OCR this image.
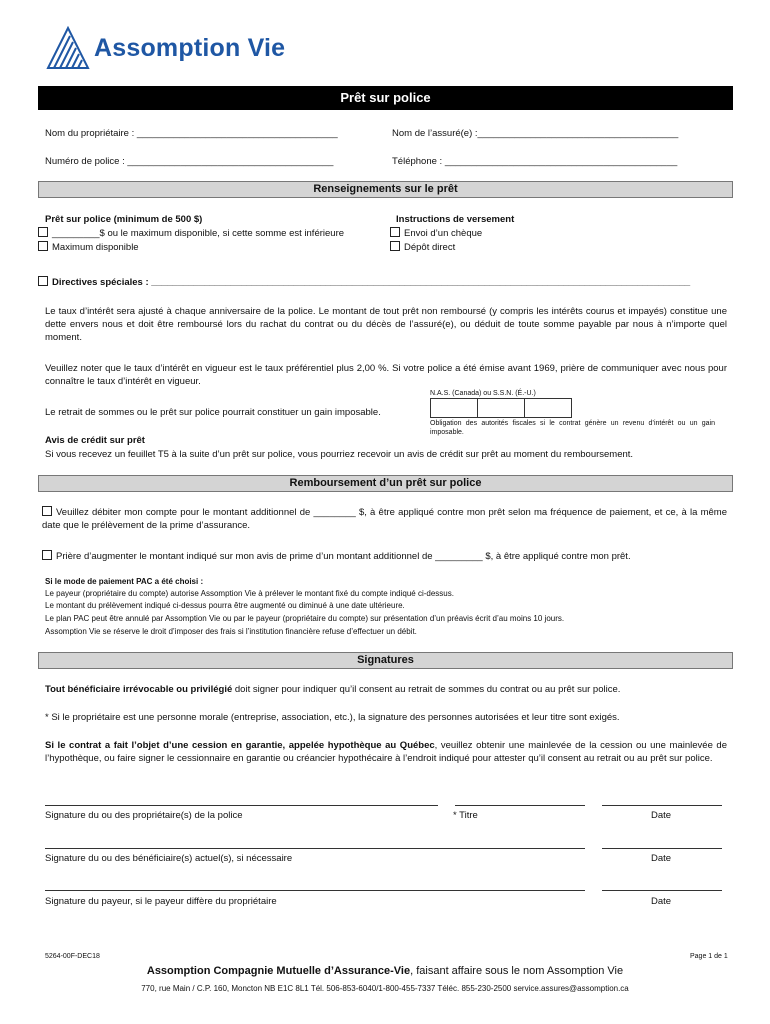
Assomption Vie
Prêt sur police
Nom du propriétaire : ______________________________________	Nom de l’assuré(e) :______________________________________
Numéro de police : _______________________________________	Téléphone : ____________________________________________
Renseignements sur le prêt
Prêt sur police (minimum de 500 $)
_________$ ou le maximum disponible, si cette somme est inférieure
Maximum disponible
Instructions de versement
Envoi d’un chèque
Dépôt direct
Directives spéciales : ______________________________________________________________________________________________________
Le taux d’intérêt sera ajusté à chaque anniversaire de la police. Le montant de tout prêt non remboursé (y compris les intérêts courus et impayés) constitue une dette envers nous et doit être remboursé lors du rachat du contrat ou du décès de l’assuré(e), ou déduit de toute somme payable par nous à n’importe quel moment.
Veuillez noter que le taux d’intérêt en vigueur est le taux préférentiel plus 2,00 %. Si votre police a été émise avant 1969, prière de communiquer avec nous pour connaître le taux d’intérêt en vigueur.
N.A.S. (Canada) ou S.S.N. (É.-U.)
Le retrait de sommes ou le prêt sur police pourrait constituer un gain imposable.
Obligation des autorités fiscales si le contrat génère un revenu d’intérêt ou un gain imposable.
Avis de crédit sur prêt
Si vous recevez un feuillet T5 à la suite d’un prêt sur police, vous pourriez recevoir un avis de crédit sur prêt au moment du remboursement.
Remboursement d’un prêt sur police
Veuillez débiter mon compte pour le montant additionnel de ________ $, à être appliqué contre mon prêt selon ma fréquence de paiement, et ce, à la même date que le prélèvement de la prime d’assurance.
Prière d’augmenter le montant indiqué sur mon avis de prime d’un montant additionnel de _________ $, à être appliqué contre mon prêt.
Si le mode de paiement PAC a été choisi :
Le payeur (propriétaire du compte) autorise Assomption Vie à prélever le montant fixé du compte indiqué ci-dessus.
Le montant du prélèvement indiqué ci-dessus pourra être augmenté ou diminué à une date ultérieure.
Le plan PAC peut être annulé par Assomption Vie ou par le payeur (propriétaire du compte) sur présentation d’un préavis écrit d’au moins 10 jours.
Assomption Vie se réserve le droit d’imposer des frais si l’institution financière refuse d’effectuer un débit.
Signatures
Tout bénéficiaire irrévocable ou privilégié doit signer pour indiquer qu’il consent au retrait de sommes du contrat ou au prêt sur police.
* Si le propriétaire est une personne morale (entreprise, association, etc.), la signature des personnes autorisées et leur titre sont exigés.
Si le contrat a fait l’objet d’une cession en garantie, appelée hypothèque au Québec, veuillez obtenir une mainlevée de la cession ou une mainlevée de l’hypothèque, ou faire signer le cessionnaire en garantie ou créancier hypothécaire à l’endroit indiqué pour attester qu’il consent au retrait ou au prêt sur police.
Signature du ou des propriétaire(s) de la police	* Titre	Date
Signature du ou des bénéficiaire(s) actuel(s), si nécessaire	Date
Signature du payeur, si le payeur diffère du propriétaire	Date
5264-00F-DEC18	Page 1 de 1
Assomption Compagnie Mutuelle d’Assurance-Vie, faisant affaire sous le nom Assomption Vie
770, rue Main / C.P. 160, Moncton NB E1C 8L1 Tél. 506-853-6040/1-800-455-7337 Téléc. 855-230-2500 service.assures@assomption.ca
